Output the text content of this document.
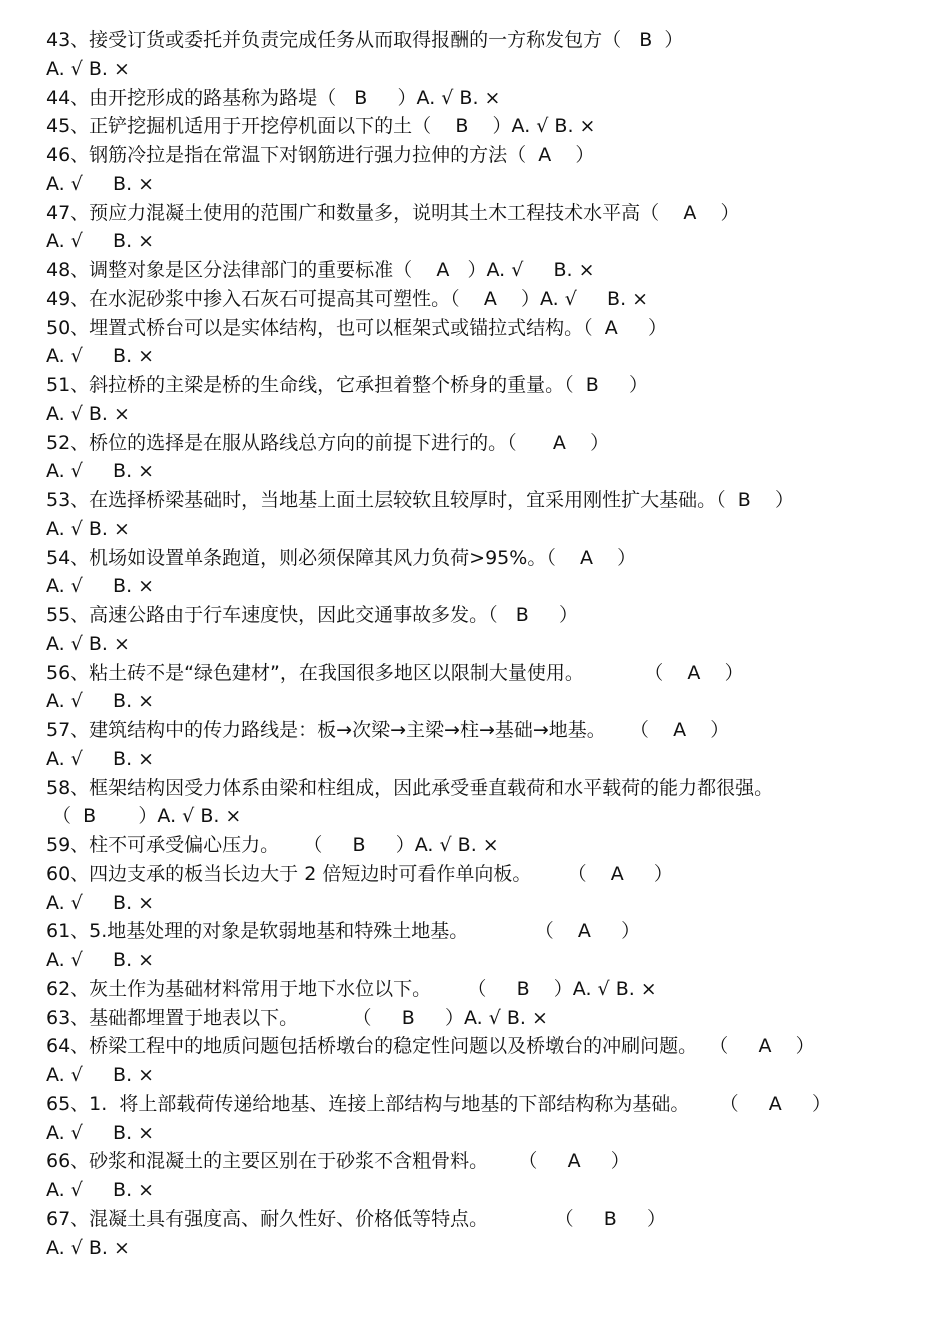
43、接受订货或委托并负责完成任务从而取得报酬的一方称发包方（   B  ）
A. √ B. ×
44、由开挖形成的路基称为路堤（   B     ）A. √ B. ×
45、正铲挖掘机适用于开挖停机面以下的土（    B    ）A. √ B. ×
46、钢筋冷拉是指在常温下对钢筋进行强力拉伸的方法（  A    ）
A. √     B. ×
47、预应力混凝土使用的范围广和数量多，说明其土木工程技术水平高（    A    ）
A. √     B. ×
48、调整对象是区分法律部门的重要标准（    A   ）A. √     B. ×
49、在水泥砂浆中掺入石灰石可提高其可塑性。（    A    ）A. √     B. ×
50、埋置式桥台可以是实体结构，也可以框架式或锚拉式结构。（  A     ）
A. √     B. ×
51、斜拉桥的主梁是桥的生命线，它承担着整个桥身的重量。（  B     ）
A. √ B. ×
52、桥位的选择是在服从路线总方向的前提下进行的。（      A    ）
A. √     B. ×
53、在选择桥梁基础时，当地基上面土层较软且较厚时，宜采用刚性扩大基础。（  B    ）
A. √ B. ×
54、机场如设置单条跑道，则必须保障其风力负荷>95%。（    A    ）
A. √     B. ×
55、高速公路由于行车速度快，因此交通事故多发。（   B     ）
A. √ B. ×
56、粘土砖不是“绿色建材”，在我国很多地区以限制大量使用。          （    A    ）
A. √     B. ×
57、建筑结构中的传力路线是：板→次梁→主梁→柱→基础→地基。    （    A    ）
A. √     B. ×
58、框架结构因受力体系由梁和柱组成，因此承受垂直载荷和水平载荷的能力都很强。
（  B       ）A. √ B. ×
59、柱不可承受偏心压力。    （     B     ）A. √ B. ×
60、四边支承的板当长边大于 2 倍短边时可看作单向板。      （    A     ）
A. √     B. ×
61、5.地基处理的对象是软弱地基和特殊土地基。           （    A     ）
A. √     B. ×
62、灰土作为基础材料常用于地下水位以下。      （     B    ）A. √ B. ×
63、基础都埋置于地表以下。         （     B     ）A. √ B. ×
64、桥梁工程中的地质问题包括桥墩台的稳定性问题以及桥墩台的冲刷问题。  （     A    ）
A. √     B. ×
65、1.  将上部载荷传递给地基、连接上部结构与地基的下部结构称为基础。     （     A     ）
A. √     B. ×
66、砂浆和混凝土的主要区别在于砂浆不含粗骨料。     （     A     ）
A. √     B. ×
67、混凝土具有强度高、耐久性好、价格低等特点。           （     B     ）
A. √ B. ×
